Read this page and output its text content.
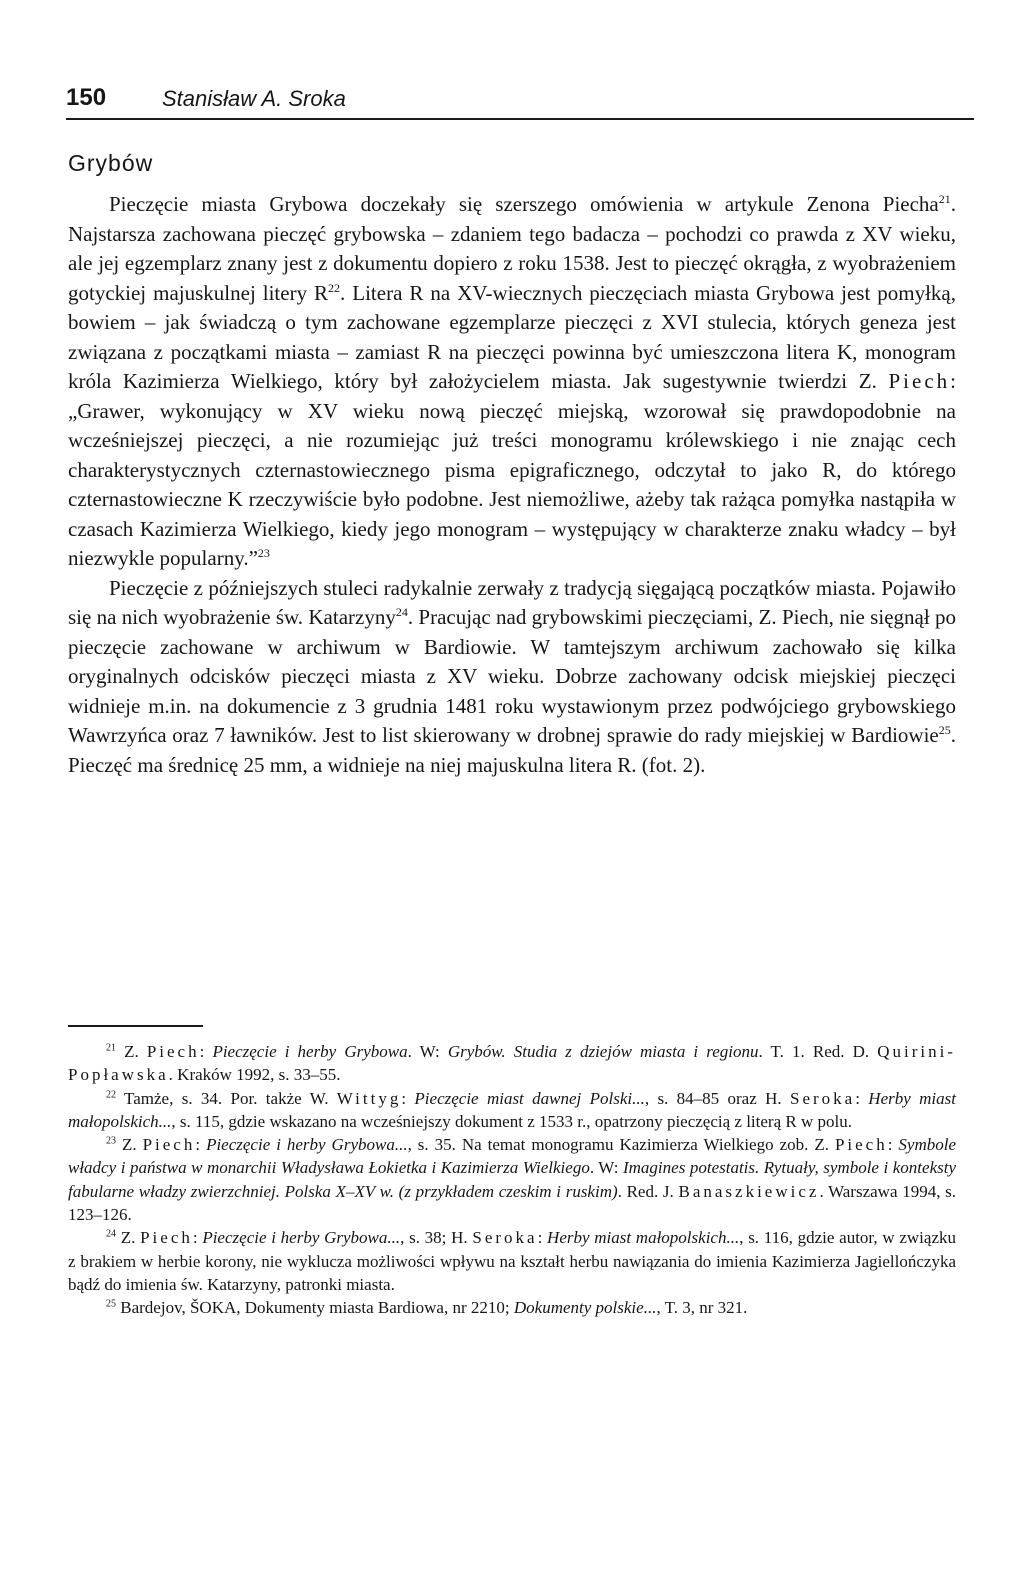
150	Stanisław A. Sroka
Grybów

Pieczęcie miasta Grybowa doczekały się szerszego omówienia w artykule Zenona Piecha$^{21}$. Najstarsza zachowana pieczęć grybowska – zdaniem tego badacza – pochodzi co prawda z XV wieku, ale jej egzemplarz znany jest z dokumentu dopiero z roku 1538. Jest to pieczęć okrągła, z wyobrażeniem gotyckiej majuskulnej litery $R^{22}$. Litera R na XV-wiecznych pieczęciach miasta Grybowa jest pomyłką, bowiem – jak świadczą o tym zachowane egzemplarze pieczęci z XVI stulecia, których geneza jest związana z początkami miasta – zamiast R na pieczęci powinna być umieszczona litera K, monogram króla Kazimierza Wielkiego, który był założycielem miasta. Jak sugestywnie twierdzi Z. Piech: „Grawer, wykonujący w XV wieku nową pieczęć miejską, wzorował się prawdopodobnie na wcześniejszej pieczęci, a nie rozumiejąc już treści monogramu królewskiego i nie znając cech charakterystycznych czternastowiecznego pisma epigraficznego, odczytał to jako R, do którego czternastowieczne K rzeczywiście było podobne. Jest niemożliwe, ażeby tak rażąca pomyłka nastąpiła w czasach Kazimierza Wielkiego, kiedy jego monogram – występujący w charakterze znaku władcy – był niezwykle popularny.”$^{23}$

Pieczęcie z późniejszych stuleci radykalnie zerwały z tradycją sięgającą początków miasta. Pojawiło się na nich wyobrażenie św. Katarzyny$^{24}$. Pracując nad grybowskimi pieczęciami, Z. Piech, nie sięgnął po pieczęcie zachowane w archiwum w Bardiowie. W tamtejszym archiwum zachowało się kilka oryginalnych odcisków pieczęci miasta z XV wieku. Dobrze zachowany odcisk miejskiej pieczęci widnieje m.in. na dokumencie z 3 grudnia 1481 roku wystawionym przez podwójciego grybowskiego Wawrzyńca oraz 7 ławników. Jest to list skierowany w drobnej sprawie do rady miejskiej w Bardiowie$^{25}$. Pieczęć ma średnicę 25 mm, a widnieje na niej majuskulna litera R. (fot. 2).

$^{21}$ Z. Piech: Pieczęcie i herby Grybowa. W: Grybów. Studia z dziejów miasta i regionu. T. 1. Red. D. Quirini-Popławska. Kraków 1992, s. 33–55.

$^{22}$ Tamże, s. 34. Por. także W. Wittyg: Pieczęcie miast dawnej Polski..., s. 84–85 oraz H. Seroka: Herby miast małopolskich..., s. 115, gdzie wskazano na wcześniejszy dokument z 1533 r., opatrzony pieczęcią z literą R w polu.

$^{23}$ Z. Piech: Pieczęcie i herby Grybowa..., s. 35. Na temat monogramu Kazimierza Wielkiego zob. Z. Piech: Symbole władcy i państwa w monarchii Władysława Łokietka i Kazimierza Wielkiego. W: Imagines potestatis. Rytuały, symbole i konteksty fabularne władzy zwierzchniej. Polska X–XV w. (z przykładem czeskim i ruskim). Red. J. Banaszkiewicz. Warszawa 1994, s. 123–126.

$^{24}$ Z. Piech: Pieczęcie i herby Grybowa..., s. 38; H. Seroka: Herby miast małopolskich..., s. 116, gdzie autor, w związku z brakiem w herbie korony, nie wyklucza możliwości wpływu na kształt herbu nawiązania do imienia Kazimierza Jagiellończyka bądź do imienia św. Katarzyny, patronki miasta.

$^{25}$ Bardejov, ŠOKA, Dokumenty miasta Bardiowa, nr 2210; Dokumenty polskie..., T. 3, nr 321.
